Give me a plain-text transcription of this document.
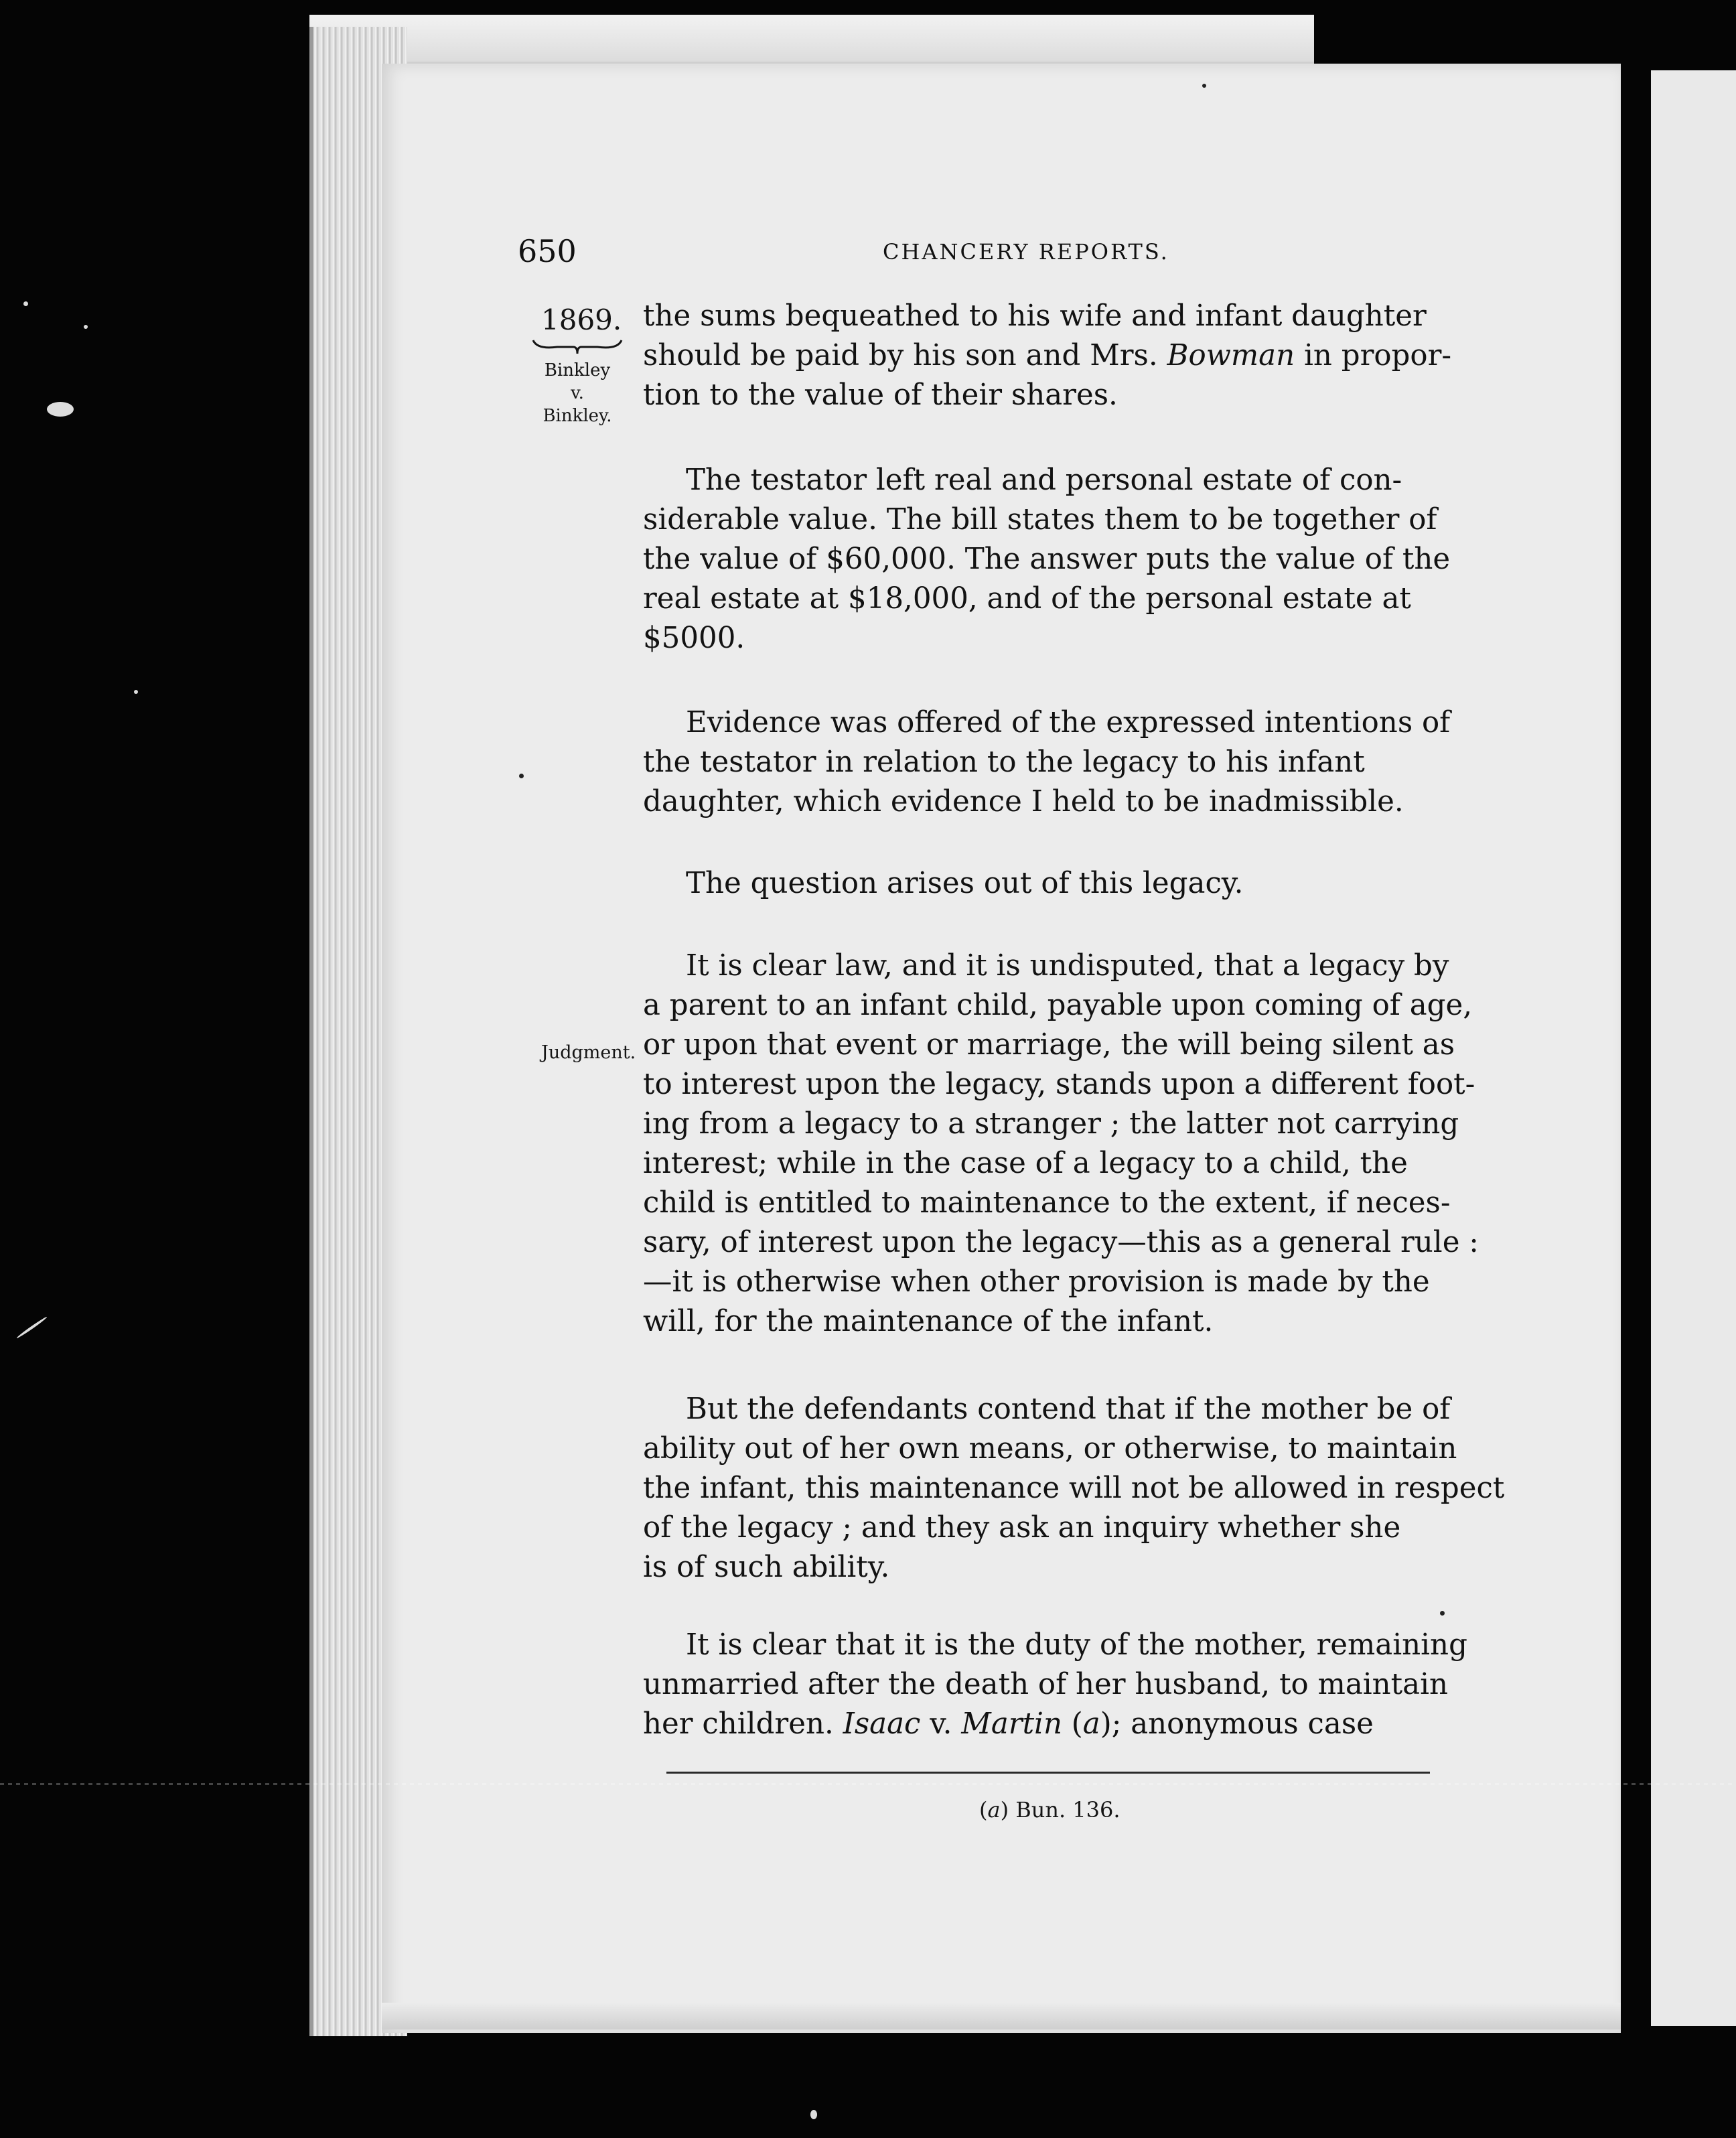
650	CHANCERY REPORTS.
1869.
Binkley
v.
Binkley.
Judgment.

the sums bequeathed to his wife and infant daughter
should be paid by his son and Mrs. Bowman in propor-
tion to the value of their shares.

The testator left real and personal estate of con-
siderable value. The bill states them to be together of
the value of $60,000. The answer puts the value of the
real estate at $18,000, and of the personal estate at
$5000.

Evidence was offered of the expressed intentions of
the testator in relation to the legacy to his infant
daughter, which evidence I held to be inadmissible.

The question arises out of this legacy.

It is clear law, and it is undisputed, that a legacy by
a parent to an infant child, payable upon coming of age,
or upon that event or marriage, the will being silent as
to interest upon the legacy, stands upon a different foot-
ing from a legacy to a stranger ; the latter not carrying
interest; while in the case of a legacy to a child, the
child is entitled to maintenance to the extent, if neces-
sary, of interest upon the legacy—this as a general rule :
—it is otherwise when other provision is made by the
will, for the maintenance of the infant.

But the defendants contend that if the mother be of
ability out of her own means, or otherwise, to maintain
the infant, this maintenance will not be allowed in respect
of the legacy ; and they ask an inquiry whether she
is of such ability.

It is clear that it is the duty of the mother, remaining
unmarried after the death of her husband, to maintain
her children. Isaac v. Martin (a); anonymous case

(a) Bun. 136.
